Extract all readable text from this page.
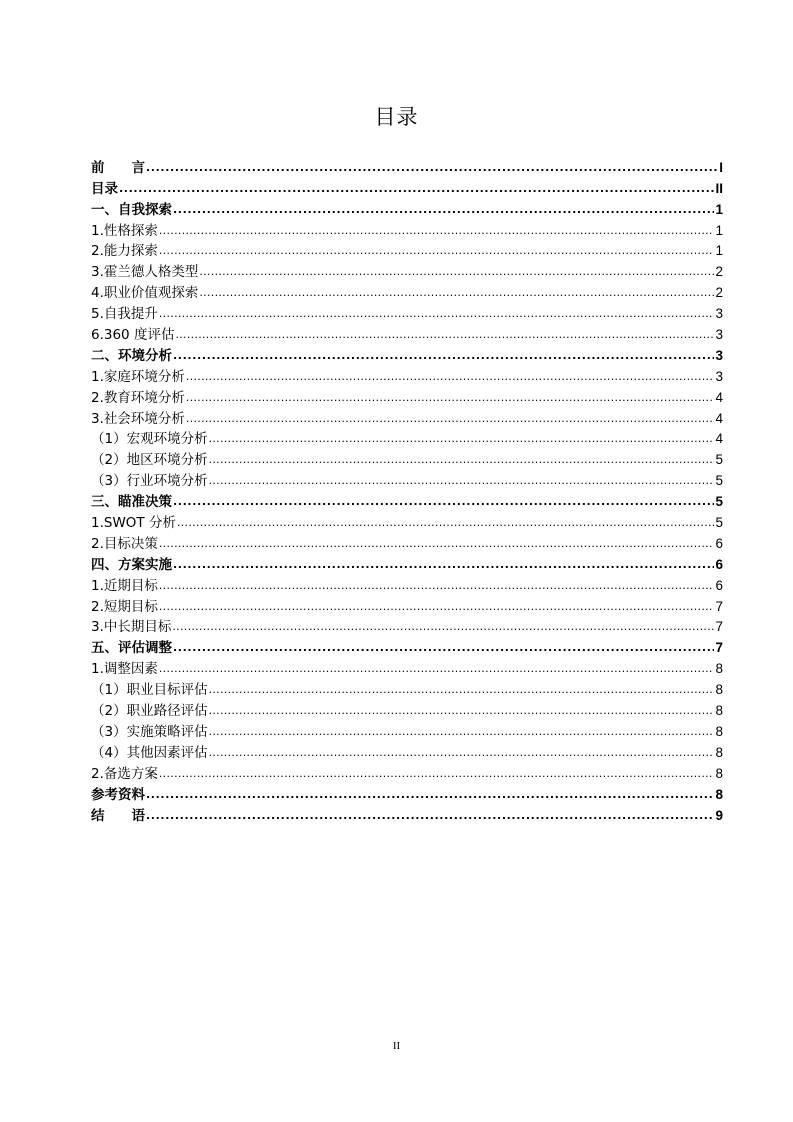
目录
前　　言 . . .	I
目录 . . .	II
一、自我探索 . . .	1
1.性格探索 . . .	1
2.能力探索 . . .	1
3.霍兰德人格类型 . . .	2
4.职业价值观探索 . . .	2
5.自我提升 . . .	3
6.360 度评估 . . .	3
二、环境分析 . . .	3
1.家庭环境分析 . . .	3
2.教育环境分析 . . .	4
3.社会环境分析 . . .	4
（1）宏观环境分析 . . .	4
（2）地区环境分析 . . .	5
（3）行业环境分析 . . .	5
三、瞄准决策 . . .	5
1.SWOT 分析 . . .	5
2.目标决策 . . .	6
四、方案实施 . . .	6
1.近期目标 . . .	6
2.短期目标 . . .	7
3.中长期目标 . . .	7
五、评估调整 . . .	7
1.调整因素 . . .	8
（1）职业目标评估 . . .	8
（2）职业路径评估 . . .	8
（3）实施策略评估 . . .	8
（4）其他因素评估 . . .	8
2.备选方案 . . .	8
参考资料 . . .	8
结　　语 . . .	9
II
